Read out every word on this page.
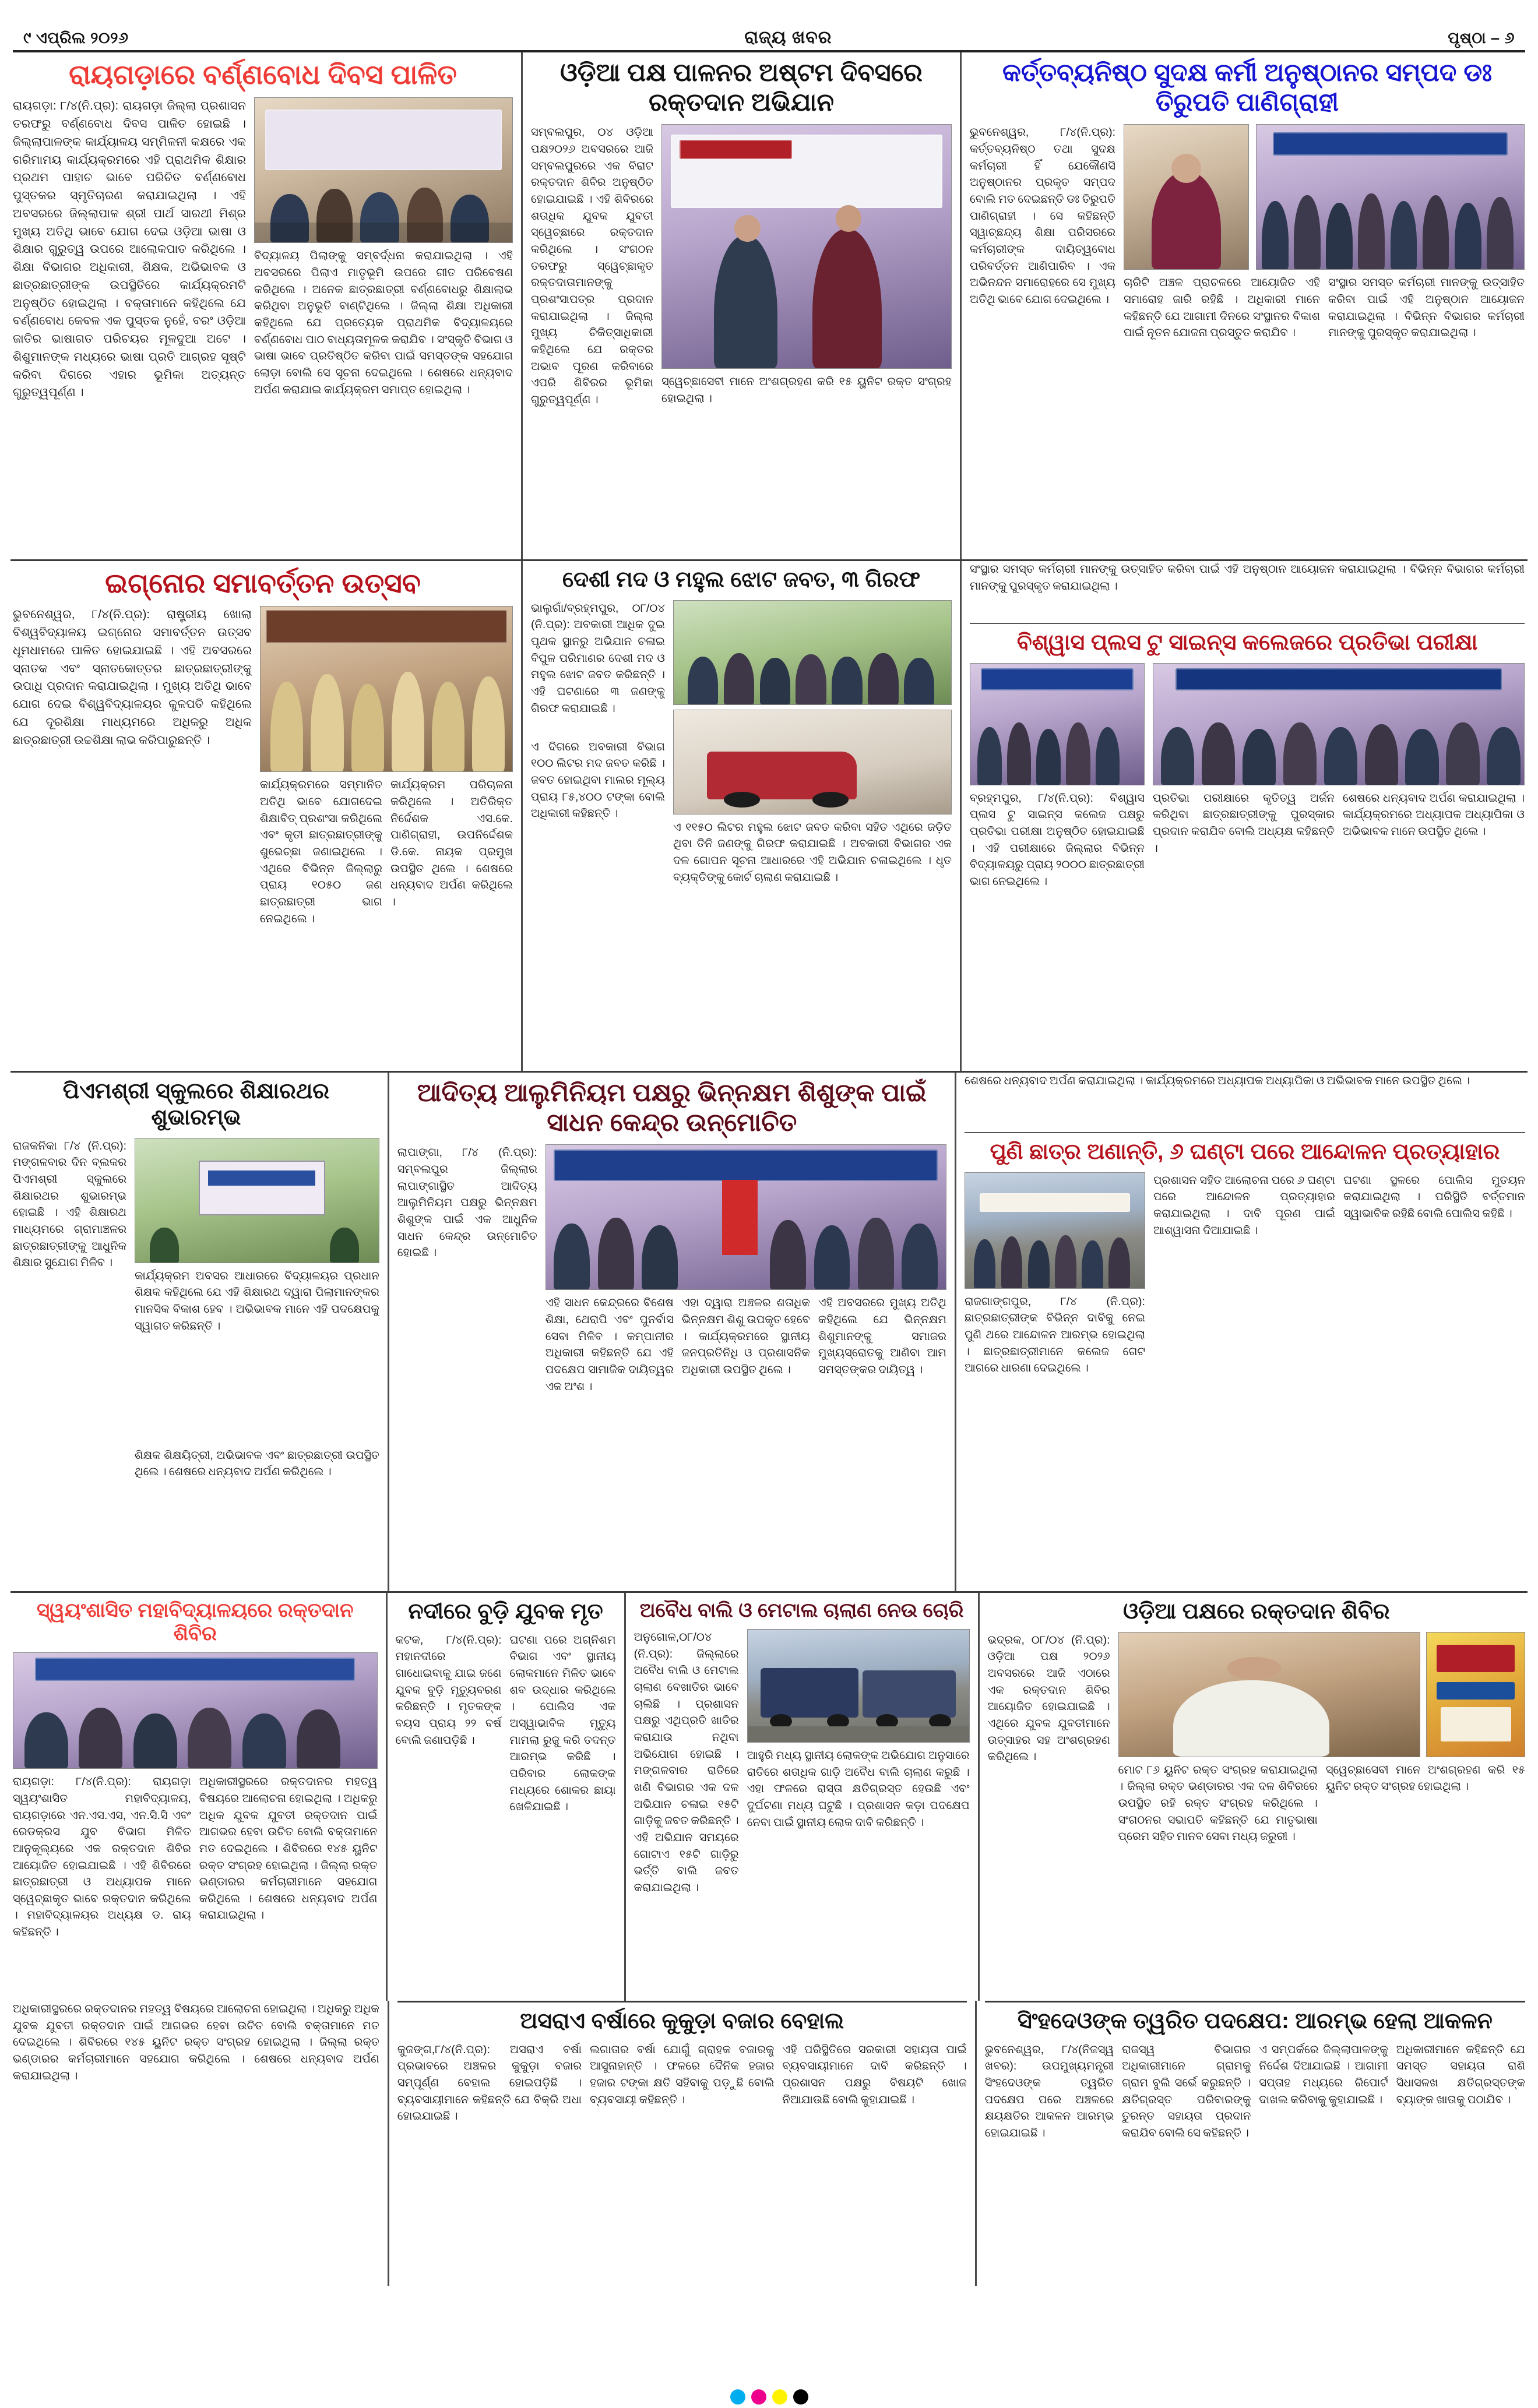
୯ ଏପ୍ରିଲ ୨୦୨୬	ରାଜ୍ୟ ଖବର	ପୃଷ୍ଠା – ୬
ରାୟଗଡ଼ାରେ ବର୍ଣ୍ଣବୋଧ ଦିବସ ପାଳିତ
ରାୟଗଡ଼ା: ୮/୪(ନି.ପ୍ର): ରାୟଗଡ଼ା ଜିଲ୍ଲା ପ୍ରଶାସନ ତରଫରୁ ବର୍ଣ୍ଣବୋଧ ଦିବସ ପାଳିତ ହୋଇଛି । ଜିଲ୍ଲାପାଳଙ୍କ କାର୍ଯ୍ୟାଳୟ ସମ୍ମିଳନୀ କକ୍ଷରେ ଏକ ଗରିମାମୟ କାର୍ଯ୍ୟକ୍ରମରେ ଏହି ପ୍ରାଥମିକ ଶିକ୍ଷାର ପ୍ରଥମ ପାହାଚ ଭାବେ ପରିଚିତ ବର୍ଣ୍ଣବୋଧ ପୁସ୍ତକର ସ୍ମୃତିଚାରଣ କରାଯାଇଥିଲା । ଏହି ଅବସରରେ ଜିଲ୍ଲାପାଳ ଶ୍ରୀ ପାର୍ଥ ସାରଥୀ ମିଶ୍ର ମୁଖ୍ୟ ଅତିଥି ଭାବେ ଯୋଗ ଦେଇ ଓଡ଼ିଆ ଭାଷା ଓ ଶିକ୍ଷାର ଗୁରୁତ୍ୱ ଉପରେ ଆଲୋକପାତ କରିଥିଲେ । ଶିକ୍ଷା ବିଭାଗର ଅଧିକାରୀ, ଶିକ୍ଷକ, ଅଭିଭାବକ ଓ ଛାତ୍ରଛାତ୍ରୀଙ୍କ ଉପସ୍ଥିତିରେ କାର୍ଯ୍ୟକ୍ରମଟି ଅନୁଷ୍ଠିତ ହୋଇଥିଲା । ବକ୍ତାମାନେ କହିଥିଲେ ଯେ ବର୍ଣ୍ଣବୋଧ କେବଳ ଏକ ପୁସ୍ତକ ନୁହେଁ, ବରଂ ଓଡ଼ିଆ ଜାତିର ଭାଷାଗତ ପରିଚୟର ମୂଳଦୁଆ ଅଟେ । ଶିଶୁମାନଙ୍କ ମଧ୍ୟରେ ଭାଷା ପ୍ରତି ଆଗ୍ରହ ସୃଷ୍ଟି କରିବା ଦିଗରେ ଏହାର ଭୂମିକା ଅତ୍ୟନ୍ତ ଗୁରୁତ୍ୱପୂର୍ଣ୍ଣ ।
ବିଦ୍ୟାଳୟ ପିଲାଙ୍କୁ ସମ୍ବର୍ଦ୍ଧନା କରାଯାଇଥିଲା । ଏହି ଅବସରରେ ପିଲାଏ ମାତୃଭୂମି ଉପରେ ଗୀତ ପରିବେଷଣ କରିଥିଲେ । ଅନେକ ଛାତ୍ରଛାତ୍ରୀ ବର୍ଣ୍ଣବୋଧରୁ ଶିକ୍ଷାଲାଭ କରିଥିବା ଅନୁଭୂତି ବାଣ୍ଟିଥିଲେ । ଜିଲ୍ଲା ଶିକ୍ଷା ଅଧିକାରୀ କହିଥିଲେ ଯେ ପ୍ରତ୍ୟେକ ପ୍ରାଥମିକ ବିଦ୍ୟାଳୟରେ ବର୍ଣ୍ଣବୋଧ ପାଠ ବାଧ୍ୟତାମୂଳକ କରାଯିବ । ସଂସ୍କୃତି ବିଭାଗ ଓ ଭାଷା ଭାବେ ପ୍ରତିଷ୍ଠିତ କରିବା ପାଇଁ ସମସ୍ତଙ୍କ ସହଯୋଗ ଲୋଡ଼ା ବୋଲି ସେ ସୂଚନା ଦେଇଥିଲେ । ଶେଷରେ ଧନ୍ୟବାଦ ଅର୍ପଣ କରାଯାଇ କାର୍ଯ୍ୟକ୍ରମ ସମାପ୍ତ ହୋଇଥିଲା ।
ଓଡ଼ିଆ ପକ୍ଷ ପାଳନର ଅଷ୍ଟମ ଦିବସରେ ରକ୍ତଦାନ ଅଭିଯାନ
ସମ୍ବଲପୁର, ୦୪ ଓଡ଼ିଆ ପକ୍ଷ୨୦୨୬ ଅବସରରେ ଆଜି ସମ୍ବଲପୁରରେ ଏକ ବିରାଟ ରକ୍ତଦାନ ଶିବିର ଅନୁଷ୍ଠିତ ହୋଇଯାଇଛି । ଏହି ଶିବିରରେ ଶତାଧିକ ଯୁବକ ଯୁବତୀ ସ୍ୱେଚ୍ଛାରେ ରକ୍ତଦାନ କରିଥିଲେ । ସଂଗଠନ ତରଫରୁ ସ୍ୱେଚ୍ଛାକୃତ ରକ୍ତଦାତାମାନଙ୍କୁ ପ୍ରଶଂସାପତ୍ର ପ୍ରଦାନ କରାଯାଇଥିଲା । ଜିଲ୍ଲା ମୁଖ୍ୟ ଚିକିତ୍ସାଧିକାରୀ କହିଥିଲେ ଯେ ରକ୍ତର ଅଭାବ ପୂରଣ କରିବାରେ ଏପରି ଶିବିରର ଭୂମିକା ଗୁରୁତ୍ୱପୂର୍ଣ୍ଣ ।
ସ୍ୱେଚ୍ଛାସେବୀ ମାନେ ଅଂଶଗ୍ରହଣ କରି ୧୫ ୟୁନିଟ ରକ୍ତ ସଂଗ୍ରହ ହୋଇଥିଲା ।
କର୍ତ୍ତବ୍ୟନିଷ୍ଠ ସୁଦକ୍ଷ କର୍ମୀ ଅନୁଷ୍ଠାନର ସମ୍ପଦ ଡଃ ତିରୁପତି ପାଣିଗ୍ରାହୀ
ଭୁବନେଶ୍ୱର, ୮/୪(ନି.ପ୍ର): କର୍ତ୍ତବ୍ୟନିଷ୍ଠ ତଥା ସୁଦକ୍ଷ କର୍ମଚାରୀ ହିଁ ଯେକୌଣସି ଅନୁଷ୍ଠାନର ପ୍ରକୃତ ସମ୍ପଦ ବୋଲି ମତ ଦେଇଛନ୍ତି ଡଃ ତିରୁପତି ପାଣିଗ୍ରାହୀ । ସେ କହିଛନ୍ତି ସ୍ୱାଚ୍ଛନ୍ଦ୍ୟ ଶିକ୍ଷା ପରିସରରେ କର୍ମଚାରୀଙ୍କ ଦାୟିତ୍ୱବୋଧ ପରିବର୍ତ୍ତନ ଆଣିପାରିବ । ଏକ ଅଭିନନ୍ଦନ ସମାରୋହରେ ସେ ମୁଖ୍ୟ ଅତିଥି ଭାବେ ଯୋଗ ଦେଇଥିଲେ ।
ଚାରିଟି ଅଞ୍ଚଳ ପ୍ରାଚଳରେ ଆୟୋଜିତ ଏହି ସମାରୋହ ଜାରି ରହିଛି । ଅଧିକାରୀ ମାନେ କହିଛନ୍ତି ଯେ ଆଗାମୀ ଦିନରେ ସଂସ୍ଥାନର ବିକାଶ ପାଇଁ ନୂତନ ଯୋଜନା ପ୍ରସ୍ତୁତ କରାଯିବ ।
ସଂସ୍ଥାର ସମସ୍ତ କର୍ମଚାରୀ ମାନଙ୍କୁ ଉତ୍ସାହିତ କରିବା ପାଇଁ ଏହି ଅନୁଷ୍ଠାନ ଆୟୋଜନ କରାଯାଇଥିଲା । ବିଭିନ୍ନ ବିଭାଗର କର୍ମଚାରୀ ମାନଙ୍କୁ ପୁରସ୍କୃତ କରାଯାଇଥିଲା ।
ଇଗ୍ନୋର ସମାବର୍ତ୍ତନ ଉତ୍ସବ
ଭୁବନେଶ୍ୱର, ୮/୪(ନି.ପ୍ର): ରାଷ୍ଟ୍ରୀୟ ଖୋଲା ବିଶ୍ୱବିଦ୍ୟାଳୟ ଇଗ୍ନୋର ସମାବର୍ତ୍ତନ ଉତ୍ସବ ଧୂମଧାମରେ ପାଳିତ ହୋଇଯାଇଛି । ଏହି ଅବସରରେ ସ୍ନାତକ ଏବଂ ସ୍ନାତକୋତ୍ତର ଛାତ୍ରଛାତ୍ରୀଙ୍କୁ ଉପାଧି ପ୍ରଦାନ କରାଯାଇଥିଲା । ମୁଖ୍ୟ ଅତିଥି ଭାବେ ଯୋଗ ଦେଇ ବିଶ୍ୱବିଦ୍ୟାଳୟର କୁଳପତି କହିଥିଲେ ଯେ ଦୂରଶିକ୍ଷା ମାଧ୍ୟମରେ ଅଧିକରୁ ଅଧିକ ଛାତ୍ରଛାତ୍ରୀ ଉଚ୍ଚଶିକ୍ଷା ଲାଭ କରିପାରୁଛନ୍ତି ।
କାର୍ଯ୍ୟକ୍ରମରେ ସମ୍ମାନିତ ଅତିଥି ଭାବେ ଯୋଗଦେଇ ଶିକ୍ଷାବିତ୍ ପ୍ରଶଂସା କରିଥିଲେ ଏବଂ କୃତୀ ଛାତ୍ରଛାତ୍ରୀଙ୍କୁ ଶୁଭେଚ୍ଛା ଜଣାଇଥିଲେ । ଏଥିରେ ବିଭିନ୍ନ ଜିଲ୍ଲାରୁ ପ୍ରାୟ ୧୦୫୦ ଜଣ ଛାତ୍ରଛାତ୍ରୀ ଭାଗ ନେଇଥିଲେ ।
କାର୍ଯ୍ୟକ୍ରମ ପରିଚାଳନା କରିଥିଲେ । ଅତିରିକ୍ତ ନିର୍ଦ୍ଦେଶକ ଏସ.କେ. ପାଣିଗ୍ରାହୀ, ଉପନିର୍ଦ୍ଦେଶକ ଡି.କେ. ନାୟକ ପ୍ରମୁଖ ଉପସ୍ଥିତ ଥିଲେ । ଶେଷରେ ଧନ୍ୟବାଦ ଅର୍ପଣ କରିଥିଲେ ।
ଦେଶୀ ମଦ ଓ ମହୁଲ ଝୋଟ ଜବତ, ୩ ଗିରଫ
ଭାଲୁଗାଁ/ବ୍ରହ୍ମପୁର, ୦୮/୦୪ (ନି.ପ୍ର): ଅବକାରୀ ଆଧିକ ଦୁଇ ପୃଥକ ସ୍ଥାନରୁ ଅଭିଯାନ ଚଳାଇ ବିପୁଳ ପରିମାଣର ଦେଶୀ ମଦ ଓ ମହୁଲ ଝୋଟ ଜବତ କରିଛନ୍ତି । ଏହି ଘଟଣାରେ ୩ ଜଣଙ୍କୁ ଗିରଫ କରାଯାଇଛି ।
ଏ ଦିଗରେ ଅବକାରୀ ବିଭାଗ ୧୦୦ ଲିଟର ମଦ ଜବତ କରିଛି । ଜବତ ହୋଇଥିବା ମାଲର ମୂଲ୍ୟ ପ୍ରାୟ ୮୫,୪୦୦ ଟଙ୍କା ବୋଲି ଅଧିକାରୀ କହିଛନ୍ତି ।
ଏ ୧୧୫୦ ଲିଟର ମହୁଲ ଝୋଟ ଜବତ କରିବା ସହିତ ଏଥିରେ ଜଡ଼ିତ ଥିବା ତିନି ଜଣଙ୍କୁ ଗିରଫ କରାଯାଇଛି । ଅବକାରୀ ବିଭାଗର ଏକ ଦଳ ଗୋପନ ସୂଚନା ଆଧାରରେ ଏହି ଅଭିଯାନ ଚଳାଇଥିଲେ । ଧୃତ ବ୍ୟକ୍ତିଙ୍କୁ କୋର୍ଟ ଚାଲାଣ କରାଯାଇଛି ।
ସଂସ୍ଥାର ସମସ୍ତ କର୍ମଚାରୀ ମାନଙ୍କୁ ଉତ୍ସାହିତ କରିବା ପାଇଁ ଏହି ଅନୁଷ୍ଠାନ ଆୟୋଜନ କରାଯାଇଥିଲା । ବିଭିନ୍ନ ବିଭାଗର କର୍ମଚାରୀ ମାନଙ୍କୁ ପୁରସ୍କୃତ କରାଯାଇଥିଲା ।
ବିଶ୍ୱାସ ପ୍ଲସ ଟୁ ସାଇନ୍ସ କଲେଜରେ ପ୍ରତିଭା ପରୀକ୍ଷା
ବ୍ରହ୍ମପୁର, ୮/୪(ନି.ପ୍ର): ବିଶ୍ୱାସ ପ୍ଲସ ଟୁ ସାଇନ୍ସ କଲେଜ ପକ୍ଷରୁ ପ୍ରତିଭା ପରୀକ୍ଷା ଅନୁଷ୍ଠିତ ହୋଇଯାଇଛି । ଏହି ପରୀକ୍ଷାରେ ଜିଲ୍ଲାର ବିଭିନ୍ନ ବିଦ୍ୟାଳୟରୁ ପ୍ରାୟ ୨୦୦୦ ଛାତ୍ରଛାତ୍ରୀ ଭାଗ ନେଇଥିଲେ ।
ପ୍ରତିଭା ପରୀକ୍ଷାରେ କୃତିତ୍ୱ ଅର୍ଜନ କରିଥିବା ଛାତ୍ରଛାତ୍ରୀଙ୍କୁ ପୁରସ୍କାର ପ୍ରଦାନ କରାଯିବ ବୋଲି ଅଧ୍ୟକ୍ଷ କହିଛନ୍ତି ।
ଶେଷରେ ଧନ୍ୟବାଦ ଅର୍ପଣ କରାଯାଇଥିଲା । କାର୍ଯ୍ୟକ୍ରମରେ ଅଧ୍ୟାପକ ଅଧ୍ୟାପିକା ଓ ଅଭିଭାବକ ମାନେ ଉପସ୍ଥିତ ଥିଲେ ।
ପିଏମଶ୍ରୀ ସ୍କୁଲରେ ଶିକ୍ଷାରଥର ଶୁଭାରମ୍ଭ
ରାଜକନିକା ୮/୪ (ନି.ପ୍ର): ମଙ୍ଗଳବାର ଦିନ ବ୍ଲକର ପିଏମଶ୍ରୀ ସ୍କୁଲରେ ଶିକ୍ଷାରଥର ଶୁଭାରମ୍ଭ ହୋଇଛି । ଏହି ଶିକ୍ଷାରଥ ମାଧ୍ୟମରେ ଗ୍ରାମାଞ୍ଚଳର ଛାତ୍ରଛାତ୍ରୀଙ୍କୁ ଆଧୁନିକ ଶିକ୍ଷାର ସୁଯୋଗ ମିଳିବ ।
କାର୍ଯ୍ୟକ୍ରମ ଅବସର ଆଧାରରେ ବିଦ୍ୟାଳୟର ପ୍ରଧାନ ଶିକ୍ଷକ କହିଥିଲେ ଯେ ଏହି ଶିକ୍ଷାରଥ ଦ୍ୱାରା ପିଲାମାନଙ୍କର ମାନସିକ ବିକାଶ ହେବ । ଅଭିଭାବକ ମାନେ ଏହି ପଦକ୍ଷେପକୁ ସ୍ୱାଗତ କରିଛନ୍ତି ।
ଶିକ୍ଷକ ଶିକ୍ଷୟିତ୍ରୀ, ଅଭିଭାବକ ଏବଂ ଛାତ୍ରଛାତ୍ରୀ ଉପସ୍ଥିତ ଥିଲେ । ଶେଷରେ ଧନ୍ୟବାଦ ଅର୍ପଣ କରିଥିଲେ ।
ଆଦିତ୍ୟ ଆଲୁମିନିୟମ ପକ୍ଷରୁ ଭିନ୍ନକ୍ଷମ ଶିଶୁଙ୍କ ପାଇଁ ସାଧନ କେନ୍ଦ୍ର ଉନ୍ମୋଚିତ
ଲାପାଙ୍ଗା, ୮/୪ (ନି.ପ୍ର): ସମ୍ବଲପୁର ଜିଲ୍ଲାର ଲାପାଙ୍ଗାସ୍ଥିତ ଆଦିତ୍ୟ ଆଲୁମିନିୟମ ପକ୍ଷରୁ ଭିନ୍ନକ୍ଷମ ଶିଶୁଙ୍କ ପାଇଁ ଏକ ଆଧୁନିକ ସାଧନ କେନ୍ଦ୍ର ଉନ୍ମୋଚିତ ହୋଇଛି ।
ଏହି ସାଧନ କେନ୍ଦ୍ରରେ ବିଶେଷ ଶିକ୍ଷା, ଥେରାପି ଏବଂ ପୁନର୍ବାସ ସେବା ମିଳିବ । କମ୍ପାନୀର ଅଧିକାରୀ କହିଛନ୍ତି ଯେ ଏହି ପଦକ୍ଷେପ ସାମାଜିକ ଦାୟିତ୍ୱର ଏକ ଅଂଶ ।
ଏହା ଦ୍ୱାରା ଅଞ୍ଚଳର ଶତାଧିକ ଭିନ୍ନକ୍ଷମ ଶିଶୁ ଉପକୃତ ହେବେ । କାର୍ଯ୍ୟକ୍ରମରେ ସ୍ଥାନୀୟ ଜନପ୍ରତିନିଧି ଓ ପ୍ରଶାସନିକ ଅଧିକାରୀ ଉପସ୍ଥିତ ଥିଲେ ।
ଏହି ଅବସରରେ ମୁଖ୍ୟ ଅତିଥି କହିଥିଲେ ଯେ ଭିନ୍ନକ୍ଷମ ଶିଶୁମାନଙ୍କୁ ସମାଜର ମୁଖ୍ୟସ୍ରୋତକୁ ଆଣିବା ଆମ ସମସ୍ତଙ୍କର ଦାୟିତ୍ୱ ।
ଶେଷରେ ଧନ୍ୟବାଦ ଅର୍ପଣ କରାଯାଇଥିଲା । କାର୍ଯ୍ୟକ୍ରମରେ ଅଧ୍ୟାପକ ଅଧ୍ୟାପିକା ଓ ଅଭିଭାବକ ମାନେ ଉପସ୍ଥିତ ଥିଲେ ।
ପୁଣି ଛାତ୍ର ଅଣାନ୍ତି, ୬ ଘଣ୍ଟା ପରେ ଆନ୍ଦୋଳନ ପ୍ରତ୍ୟାହାର
ରାଜଗାଙ୍ଗପୁର, ୮/୪ (ନି.ପ୍ର): ଛାତ୍ରଛାତ୍ରୀଙ୍କ ବିଭିନ୍ନ ଦାବିକୁ ନେଇ ପୁଣି ଥରେ ଆନ୍ଦୋଳନ ଆରମ୍ଭ ହୋଇଥିଲା । ଛାତ୍ରଛାତ୍ରୀମାନେ କଲେଜ ଗେଟ ଆଗରେ ଧାରଣା ଦେଇଥିଲେ ।
ପ୍ରଶାସନ ସହିତ ଆଲୋଚନା ପରେ ୬ ଘଣ୍ଟା ପରେ ଆନ୍ଦୋଳନ ପ୍ରତ୍ୟାହାର କରାଯାଇଥିଲା । ଦାବି ପୂରଣ ପାଇଁ ଆଶ୍ୱାସନା ଦିଆଯାଇଛି ।
ଘଟଣା ସ୍ଥଳରେ ପୋଲିସ ମୁତୟନ କରାଯାଇଥିଲା । ପରିସ୍ଥିତି ବର୍ତ୍ତମାନ ସ୍ୱାଭାବିକ ରହିଛି ବୋଲି ପୋଲିସ କହିଛି ।
ସ୍ୱୟଂଶାସିତ ମହାବିଦ୍ୟାଳୟରେ ରକ୍ତଦାନ ଶିବିର
ରାୟଗଡ଼ା: ୮/୪(ନି.ପ୍ର): ରାୟଗଡ଼ା ସ୍ୱୟଂଶାସିତ ମହାବିଦ୍ୟାଳୟ, ରାୟଗଡ଼ାରେ ଏନ.ଏସ.ଏସ, ଏନ.ସି.ସି ଏବଂ ରେଡକ୍ରସ ଯୁବ ବିଭାଗ ମିଳିତ ଆନୁକୂଲ୍ୟରେ ଏକ ରକ୍ତଦାନ ଶିବିର ଆୟୋଜିତ ହୋଇଯାଇଛି । ଏହି ଶିବିରରେ ଛାତ୍ରଛାତ୍ରୀ ଓ ଅଧ୍ୟାପକ ମାନେ ସ୍ୱେଚ୍ଛାକୃତ ଭାବେ ରକ୍ତଦାନ କରିଥିଲେ । ମହାବିଦ୍ୟାଳୟର ଅଧ୍ୟକ୍ଷ ଡ. ରାୟ କହିଛନ୍ତି ।
ଅଧିକାରୀସ୍ଥରରେ ରକ୍ତଦାନର ମହତ୍ୱ ବିଷୟରେ ଆଲୋଚନା ହୋଇଥିଲା । ଅଧିକରୁ ଅଧିକ ଯୁବକ ଯୁବତୀ ରକ୍ତଦାନ ପାଇଁ ଆଗଭର ହେବା ଉଚିତ ବୋଲି ବକ୍ତାମାନେ ମତ ଦେଇଥିଲେ । ଶିବିରରେ ୧୪୫ ୟୁନିଟ ରକ୍ତ ସଂଗ୍ରହ ହୋଇଥିଲା । ଜିଲ୍ଲା ରକ୍ତ ଭଣ୍ଡାରର କର୍ମଚାରୀମାନେ ସହଯୋଗ କରିଥିଲେ । ଶେଷରେ ଧନ୍ୟବାଦ ଅର୍ପଣ କରାଯାଇଥିଲା ।
ନଦୀରେ ବୁଡ଼ି ଯୁବକ ମୃତ
କଟକ, ୮/୪(ନି.ପ୍ର): ମହାନଦୀରେ ଗାଧୋଇବାକୁ ଯାଇ ଜଣେ ଯୁବକ ବୁଡ଼ି ମୃତ୍ୟୁବରଣ କରିଛନ୍ତି । ମୃତକଙ୍କ ବୟସ ପ୍ରାୟ ୨୨ ବର୍ଷ ବୋଲି ଜଣାପଡ଼ିଛି ।
ଘଟଣା ପରେ ଅଗ୍ନିଶମ ବିଭାଗ ଏବଂ ସ୍ଥାନୀୟ ଲୋକମାନେ ମିଳିତ ଭାବେ ଶବ ଉଦ୍ଧାର କରିଥିଲେ । ପୋଲିସ ଏକ ଅସ୍ୱାଭାବିକ ମୃତ୍ୟୁ ମାମଲା ରୁଜୁ କରି ତଦନ୍ତ ଆରମ୍ଭ କରିଛି । ପରିବାର ଲୋକଙ୍କ ମଧ୍ୟରେ ଶୋକର ଛାୟା ଖେଳିଯାଇଛି ।
ଅବୈଧ ବାଲି ଓ ମେଟାଲ ଚାଲାଣ ନେଉ ଚୋରି
ଅନୁଗୋଳ,୦୮/୦୪ (ନି.ପ୍ର): ଜିଲ୍ଲାରେ ଅବୈଧ ବାଲି ଓ ମେଟାଲ ଚାଲାଣ ବେଖାତିର ଭାବେ ଚାଲିଛି । ପ୍ରଶାସନ ପକ୍ଷରୁ ଏଥିପ୍ରତି ଖାତିର କରାଯାଉ ନଥିବା ଅଭିଯୋଗ ହୋଇଛି । ମଙ୍ଗଳବାର ରାତିରେ ଖଣି ବିଭାଗର ଏକ ଦଳ ଅଭିଯାନ ଚଳାଇ ୧୫ଟି ଗାଡ଼ିକୁ ଜବତ କରିଛନ୍ତି । ଏହି ଅଭିଯାନ ସମୟରେ ଗୋଟାଏ ୧୫ଟି ଗାଡ଼ିରୁ ଭର୍ତ୍ତି ବାଲି ଜବତ କରାଯାଇଥିଲା ।
ଆହୁରି ମଧ୍ୟ ସ୍ଥାନୀୟ ଲୋକଙ୍କ ଅଭିଯୋଗ ଅନୁସାରେ ରାତିରେ ଶତାଧିକ ଗାଡ଼ି ଅବୈଧ ବାଲି ଚାଲାଣ କରୁଛି । ଏହା ଫଳରେ ରାସ୍ତା କ୍ଷତିଗ୍ରସ୍ତ ହେଉଛି ଏବଂ ଦୁର୍ଘଟଣା ମଧ୍ୟ ଘଟୁଛି । ପ୍ରଶାସନ କଡ଼ା ପଦକ୍ଷେପ ନେବା ପାଇଁ ସ୍ଥାନୀୟ ଲୋକ ଦାବି କରିଛନ୍ତି ।
ଓଡ଼ିଆ ପକ୍ଷରେ ରକ୍ତଦାନ ଶିବିର
ଭଦ୍ରକ, ୦୮/୦୪ (ନି.ପ୍ର): ଓଡ଼ିଆ ପକ୍ଷ ୨୦୨୬ ଅବସରରେ ଆଜି ଏଠାରେ ଏକ ରକ୍ତଦାନ ଶିବିର ଆୟୋଜିତ ହୋଇଯାଇଛି । ଏଥିରେ ଯୁବକ ଯୁବତୀମାନେ ଉତ୍ସାହର ସହ ଅଂଶଗ୍ରହଣ କରିଥିଲେ ।
ମୋଟ ୮୬ ୟୁନିଟ ରକ୍ତ ସଂଗ୍ରହ କରାଯାଇଥିଲା । ଜିଲ୍ଲା ରକ୍ତ ଭଣ୍ଡାରର ଏକ ଦଳ ଶିବିରରେ ଉପସ୍ଥିତ ରହି ରକ୍ତ ସଂଗ୍ରହ କରିଥିଲେ । ସଂଗଠନର ସଭାପତି କହିଛନ୍ତି ଯେ ମାତୃଭାଷା ପ୍ରେମ ସହିତ ମାନବ ସେବା ମଧ୍ୟ ଜରୁରୀ ।
ସ୍ୱେଚ୍ଛାସେବୀ ମାନେ ଅଂଶଗ୍ରହଣ କରି ୧୫ ୟୁନିଟ ରକ୍ତ ସଂଗ୍ରହ ହୋଇଥିଲା ।
ଅଧିକାରୀସ୍ଥରରେ ରକ୍ତଦାନର ମହତ୍ୱ ବିଷୟରେ ଆଲୋଚନା ହୋଇଥିଲା । ଅଧିକରୁ ଅଧିକ ଯୁବକ ଯୁବତୀ ରକ୍ତଦାନ ପାଇଁ ଆଗଭର ହେବା ଉଚିତ ବୋଲି ବକ୍ତାମାନେ ମତ ଦେଇଥିଲେ । ଶିବିରରେ ୧୪୫ ୟୁନିଟ ରକ୍ତ ସଂଗ୍ରହ ହୋଇଥିଲା । ଜିଲ୍ଲା ରକ୍ତ ଭଣ୍ଡାରର କର୍ମଚାରୀମାନେ ସହଯୋଗ କରିଥିଲେ । ଶେଷରେ ଧନ୍ୟବାଦ ଅର୍ପଣ କରାଯାଇଥିଲା ।
ଅସରାଏ ବର୍ଷାରେ କୁକୁଡ଼ା ବଜାର ବେହାଲ
କୁଜଙ୍ଗ,୮/୪(ନି.ପ୍ର): ଅସରାଏ ବର୍ଷା ପ୍ରଭାବରେ ଅଞ୍ଚଳର କୁକୁଡ଼ା ବଜାର ସମ୍ପୂର୍ଣ୍ଣ ବେହାଲ ହୋଇପଡ଼ିଛି । ବ୍ୟବସାୟୀମାନେ କହିଛନ୍ତି ଯେ ବିକ୍ରି ଅଧା ହୋଇଯାଇଛି ।
ଲଗାତାର ବର୍ଷା ଯୋଗୁଁ ଗ୍ରାହକ ବଜାରକୁ ଆସୁନାହାନ୍ତି । ଫଳରେ ଦୈନିକ ହଜାର ହଜାର ଟଙ୍କା କ୍ଷତି ସହିବାକୁ ପଡ଼ୁଛି ବୋଲି ବ୍ୟବସାୟୀ କହିଛନ୍ତି ।
ଏହି ପରିସ୍ଥିତିରେ ସରକାରୀ ସହାୟତା ପାଇଁ ବ୍ୟବସାୟୀମାନେ ଦାବି କରିଛନ୍ତି । ପ୍ରଶାସନ ପକ୍ଷରୁ ବିଷୟଟି ଖୋଜ ନିଆଯାଉଛି ବୋଲି କୁହାଯାଇଛି ।
ସିଂହଦେଓଙ୍କ ତ୍ୱରିତ ପଦକ୍ଷେପ: ଆରମ୍ଭ ହେଲା ଆକଳନ
ଭୁବନେଶ୍ୱର, ୮/୪(ନିଜସ୍ୱ ଖବର): ଉପମୁଖ୍ୟମନ୍ତ୍ରୀ ସିଂହଦେଓଙ୍କ ତ୍ୱରିତ ପଦକ୍ଷେପ ପରେ ଅଞ୍ଚଳରେ କ୍ଷୟକ୍ଷତିର ଆକଳନ ଆରମ୍ଭ ହୋଇଯାଇଛି ।
ରାଜସ୍ୱ ବିଭାଗର ଅଧିକାରୀମାନେ ଗ୍ରାମକୁ ଗ୍ରାମ ବୁଲି ସର୍ଭେ କରୁଛନ୍ତି । କ୍ଷତିଗ୍ରସ୍ତ ପରିବାରଙ୍କୁ ତୁରନ୍ତ ସହାୟତା ପ୍ରଦାନ କରାଯିବ ବୋଲି ସେ କହିଛନ୍ତି ।
ଏ ସମ୍ପର୍କରେ ଜିଲ୍ଲାପାଳଙ୍କୁ ନିର୍ଦ୍ଦେଶ ଦିଆଯାଇଛି । ଆଗାମୀ ସପ୍ତାହ ମଧ୍ୟରେ ରିପୋର୍ଟ ଦାଖଲ କରିବାକୁ କୁହାଯାଇଛି ।
ଅଧିକାରୀମାନେ କହିଛନ୍ତି ଯେ ସମସ୍ତ ସହାୟତା ରାଶି ସିଧାସଳଖ କ୍ଷତିଗ୍ରସ୍ତଙ୍କ ବ୍ୟାଙ୍କ ଖାତାକୁ ପଠାଯିବ ।
